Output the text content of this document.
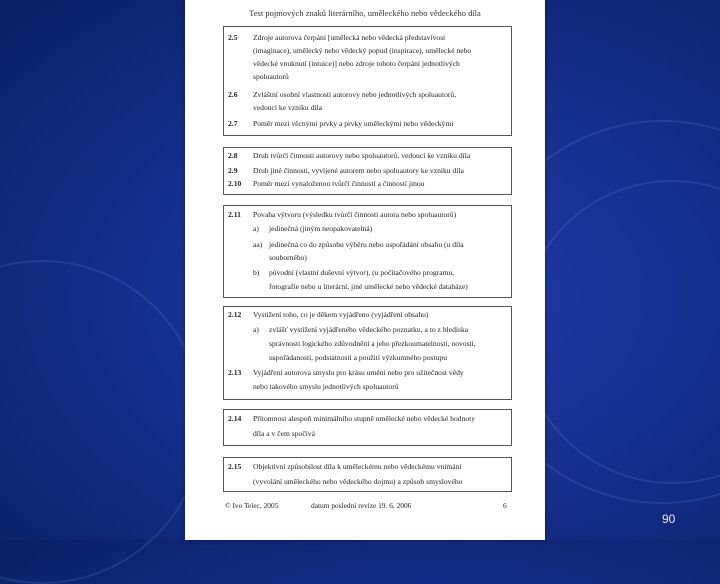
Test pojmových znaků literárního, uměleckého nebo vědeckého díla
2.5 Zdroje autorova čerpání [umělecká nebo vědecká představivost
(imaginace), umělecký nebo vědecký popud (inspirace), umělecké nebo
vědecké vnuknutí (intuice)] nebo zdroje tohoto čerpání jednotlivých
spoluautorů
2.6 Zvláštní osobní vlastnosti autorovy nebo jednotlivých spoluautorů,
vedoucí ke vzniku díla
2.7 Poměr mezi věcnými prvky a prvky uměleckými nebo vědeckými
2.8 Druh tvůrčí činnosti autorovy nebo spoluautorů, vedoucí ke vzniku díla
2.9 Druh jiné činnosti, vyvíjené autorem nebo spoluautory ke vzniku díla
2.10 Poměr mezi vynaloženou tvůrčí činností a činností jinou
2.11 Povaha výtvoru (výsledku tvůrčí činnosti autora nebo spoluautorů)
a) jedinečná (jiným neopakovatelná)
aa) jedinečná co do způsobu výběru nebo uspořádání obsahu (u díla
souborného)
b) původní (vlastní duševní výtvor), (u počítačového programu,
fotografie nebo u literární, jiné umělecké nebo vědecké databáze)
2.12 Vystižení toho, co je děkem vyjádřeno (vyjádření obsahu)
a) zvlášť vystižení vyjádřeného vědeckého poznatku, a to z hlediska
správnosti logického zdůvodnění a jeho přezkoumatelnosti, novosti,
uspořádanosti, podstatnosti a použití výzkumného postupu
2.13 Vyjádření autorova smyslu pro krásu umění nebo pro užitečnost vědy
nebo takového smyslu jednotlivých spoluautorů
2.14 Přítomnost alespoň minimálního stupně umělecké nebo vědecké hodnoty
díla a v čem spočívá
2.15 Objektivní způsobilost díla k uměleckému nebo vědeckému vnímání
(vyvolání uměleckého nebo vědeckého dojmu) a způsob smyslového
© Ivo Telec, 2005	datum poslední revize 19. 6. 2006	6
90
